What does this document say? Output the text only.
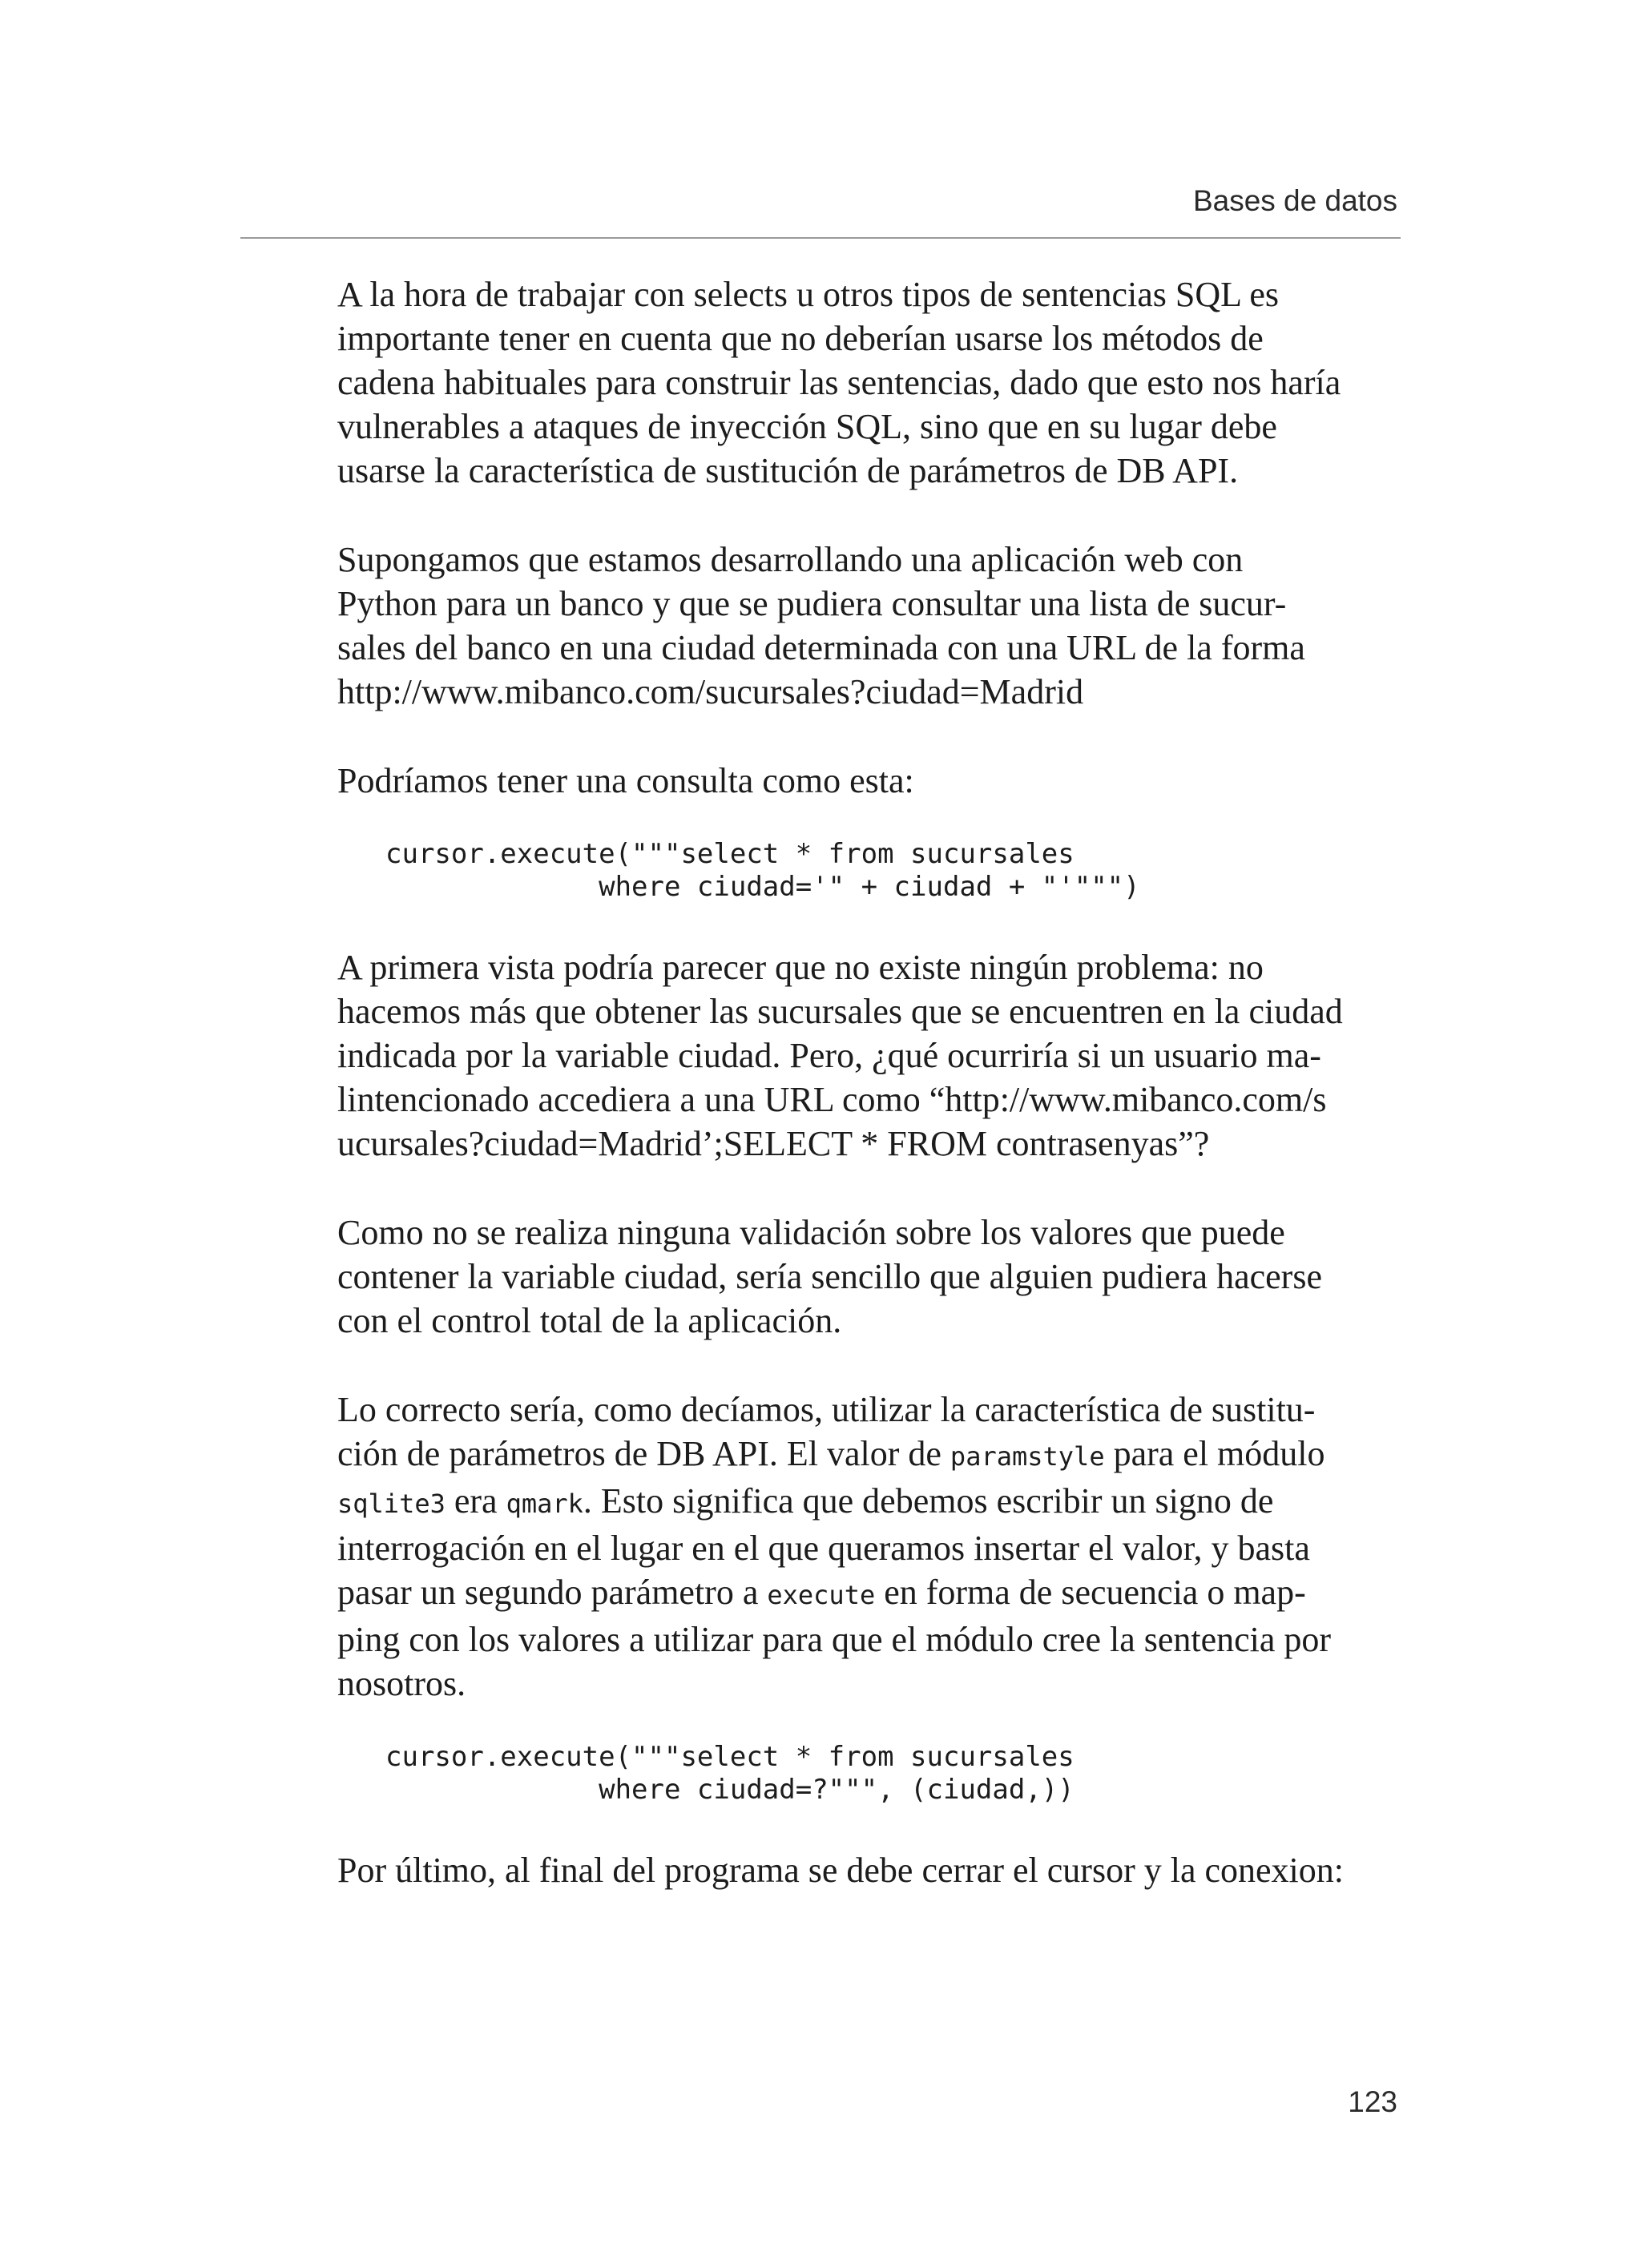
Bases de datos

A la hora de trabajar con selects u otros tipos de sentencias SQL es
importante tener en cuenta que no deberían usarse los métodos de
cadena habituales para construir las sentencias, dado que esto nos haría
vulnerables a ataques de inyección SQL, sino que en su lugar debe
usarse la característica de sustitución de parámetros de DB API.

Supongamos que estamos desarrollando una aplicación web con
Python para un banco y que se pudiera consultar una lista de sucur-
sales del banco en una ciudad determinada con una URL de la forma
http://www.mibanco.com/sucursales?ciudad=Madrid

Podríamos tener una consulta como esta:

cursor.execute("""select * from sucursales
where ciudad='" + ciudad + "'""")

A primera vista podría parecer que no existe ningún problema: no
hacemos más que obtener las sucursales que se encuentren en la ciudad
indicada por la variable ciudad. Pero, ¿qué ocurriría si un usuario ma-
lintencionado accediera a una URL como “http://www.mibanco.com/s
ucursales?ciudad=Madrid’;SELECT * FROM contrasenyas”?

Como no se realiza ninguna validación sobre los valores que puede
contener la variable ciudad, sería sencillo que alguien pudiera hacerse
con el control total de la aplicación.

Lo correcto sería, como decíamos, utilizar la característica de sustitu-
ción de parámetros de DB API. El valor de paramstyle para el módulo
sqlite3 era qmark. Esto significa que debemos escribir un signo de
interrogación en el lugar en el que queramos insertar el valor, y basta
pasar un segundo parámetro a execute en forma de secuencia o map-
ping con los valores a utilizar para que el módulo cree la sentencia por
nosotros.

cursor.execute("""select * from sucursales
where ciudad=?""", (ciudad,))

Por último, al final del programa se debe cerrar el cursor y la conexion:

123
